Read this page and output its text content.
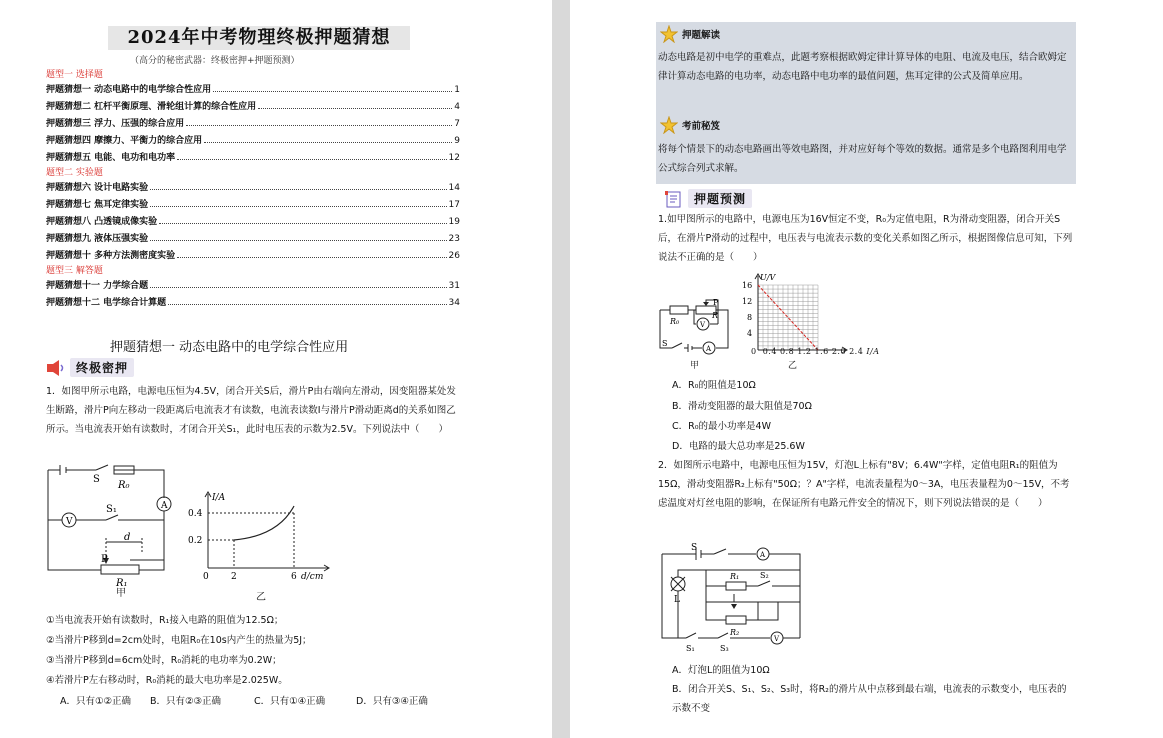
2024年中考物理终极押题猜想
（高分的秘密武器：终极密押+押题预测）
题型一 选择题
押题猜想一 动态电路中的电学综合性应用	1
押题猜想二 杠杆平衡原理、滑轮组计算的综合性应用	4
押题猜想三 浮力、压强的综合应用	7
押题猜想四 摩擦力、平衡力的综合应用	9
押题猜想五 电能、电功和电功率	12
题型二 实验题
押题猜想六 设计电路实验	14
押题猜想七 焦耳定律实验	17
押题猜想八 凸透镜成像实验	19
押题猜想九 液体压强实验	23
押题猜想十 多种方法测密度实验	26
题型三 解答题
押题猜想十一 力学综合题	31
押题猜想十二 电学综合计算题	34
押题猜想一 动态电路中的电学综合性应用
终极密押
1．如图甲所示电路，电源电压恒为4.5V，闭合开关S后，滑片P由右端向左滑动，因变阻器某处发生断路，滑片P向左移动一段距离后电流表才有读数，电流表读数I与滑片P滑动距离d的关系如图乙所示。当电流表开始有读数时，才闭合开关S₁，此时电压表的示数为2.5V。下列说法中（　　）
S
R₀
A
V
S₁
P
d
R₁
甲
I/A
0.4
0.2
0 2	6 d/cm
乙
①当电流表开始有读数时，R₁接入电路的阻值为12.5Ω；
②当滑片P移到d=2cm处时，电阻R₀在10s内产生的热量为5J；
③当滑片P移到d=6cm处时，R₀消耗的电功率为0.2W；
④若滑片P左右移动时，R₀消耗的最大电功率是2.025W。
A．只有①②正确 B．只有②③正确	C．只有①④正确	D．只有③④正确
押题解读
动态电路是初中电学的重难点，此题考察根据欧姆定律计算导体的电阻、电流及电压，结合欧姆定律计算动态电路的电功率，动态电路中电功率的最值问题，焦耳定律的公式及简单应用。
考前秘笈
将每个情景下的动态电路画出等效电路图，并对应好每个等效的数据。通常是多个电路图利用电学公式综合列式求解。
押题预测
1.如甲图所示的电路中，电源电压为16V恒定不变，R₀为定值电阻，R为滑动变阻器，闭合开关S后，在滑片P滑动的过程中，电压表与电流表示数的变化关系如图乙所示，根据图像信息可知，下列说法不正确的是（　　）
R₀
P
R
V
S
A
甲
U/V
16
12
8
4
0 0.4 0.8 1.2 1.6 2.0 2.4 I/A
乙
A．R₀的阻值是10Ω
B．滑动变阻器的最大阻值是70Ω
C．R₀的最小功率是4W
D．电路的最大总功率是25.6W
2．如图所示电路中，电源电压恒为15V，灯泡L上标有"8V；6.4W"字样，定值电阻R₁的阻值为15Ω，滑动变阻器R₂上标有"50Ω；？A"字样，电流表量程为0～3A，电压表量程为0～15V，不考虑温度对灯丝电阻的影响，在保证所有电路元件安全的情况下，则下列说法错误的是（　　）
S
A
R₁	S₂
L
R₂
V
S₁	S₃
A．灯泡L的阻值为10Ω
B．闭合开关S、S₁、S₂、S₃时，将R₂的滑片从中点移到最右端，电流表的示数变小，电压表的示数不变
